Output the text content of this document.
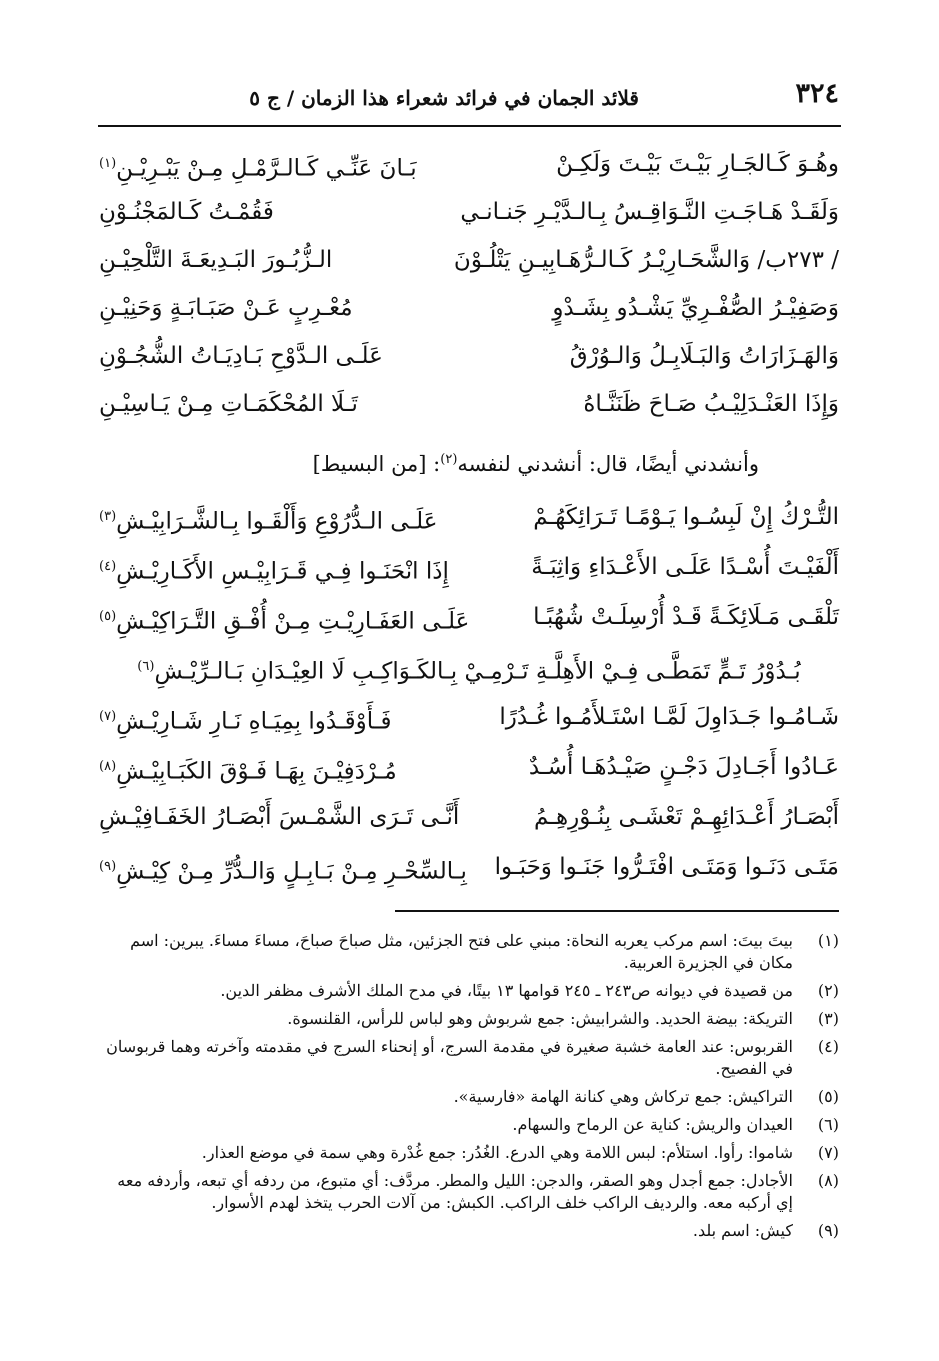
٣٢٤
قلائد الجمان في فرائد شعراء هذا الزمان / ج ٥
وهُـوَ كَـالجَـارِ بَيْـتَ بَيْـتَ وَلَكِـنْ
بَـانَ عَنِّـي كَـالـرَّمْـلِ مِـنْ يَبْـرِيْـنِ$^{(١)}$
وَلَقَـدْ هَـاجَـتِ النَّـوَاقِـسُ بِـالـدَّيْـرِ جَنـانـي
فَقُمْـتُ كَـالمَجْنُـوْنِ
/ ٢٧٣ب/ وَالشَّحَـارِيْـرُ كَـالـرُّهَـابِيـنِ يَتْلُـوْنَ
الـزُّبُـورَ البَـدِيعَـةَ التَّلْحِيْـنِ
وَصَفِيْـرُ الصُّفْـرِيِّ يَشْـدُو بِشَـدْوٍ
مُعْـرِبٍ عَـنْ صَبَـابَـةٍ وَحَنِيْـنِ
وَالهَـزَارَاتُ وَالبَـلَابِـلُ وَالـوُرْقُ
عَلَـى الـدَّوْحِ بَـادِيَـاتُ الشُّجُـوْنِ
وَإِذَا العَنْـدَلِيْـبُ صَـاحَ ظَنَنَّـاهُ
تَـلَا المُحْكَمَـاتِ مِـنْ يَـاسِيْـنِ
وأنشدني أيضًا، قال: أنشدني لنفسه$^{(٢)}$: [من البسيط]
التُّـرْكُ إِنْ لَبِسُـوا يَـوْمًـا تَـرَائِكَهُـمْ
عَلَـى الـدُّرُوْعِ وَأَلْقَـوا بِـالشَّـرَابِيْـشِ$^{(٣)}$
أَلْفَيْـتَ أُسْـدًا عَلَـى الأَعْـدَاءِ وَاثِبَـةً
إِذَا انْحَنَـوا فِـي قَـرَابِيْـسِ الأَكَـارِيْـشِ$^{(٤)}$
تَلْقَـى مَـلَائِكَـةً قَـدْ أُرْسِلَـتْ شُهُبًـا
عَلَـى العَفَـارِيْـتِ مِـنْ أُفْـقِ التَّـرَاكِيْـشِ$^{(٥)}$
بُـدُوْرُ تَـمٍّ تَمَطَّـى فِـيْ الأَهِلَّـةِ تَـرْمِـيْ بِـالكَـوَاكِـبِ لَا العِيْـدَانِ بَـالـرِّيْـشِ$^{(٦)}$
شَـامُـوا جَـدَاوِلَ لَمَّـا اسْتَـلأَمُـوا غُـدُرًا
فَـأَوْقَـدُوا بِمِيَـاهِ نَـارِ شَـارِيْـشِ$^{(٧)}$
عَـادُوا أَجَـادِلَ دَجْـنٍ صَيْـدُهَـا أُسُـدٌ
مُـرْدَفِيْـنَ بِهَـا فَـوْقَ الكَبَـابِيْـشِ$^{(٨)}$
أَبْصَـارُ أَعْـدَائِهِـمْ تَعْشَـى بِنُـوْرِهِـمُ
أَنَّـى تَـرَى الشَّمْـسَ أَبْصَـارُ الخَفَـافِيْـشِ
مَتَـى دَنَـوا وَمَتَـى افْتَـرُّوا جَنَـوا وَحَبَـوا
بِـالسِّحْـرِ مِـنْ بَـابِـلٍ وَالـدُّرِّ مِـنْ كِيْـشِ$^{(٩)}$
(١)
بيتَ بيتَ: اسم مركب يعربه النحاة: مبني على فتح الجزئين، مثل صباحَ صباحَ، مساءَ مساءَ. يبرين: اسم مكان في الجزيرة العربية.
(٢)
من قصيدة في ديوانه ص٢٤٣ ـ ٢٤٥ قوامها ١٣ بيتًا، في مدح الملك الأشرف مظفر الدين.
(٣)
التريكة: بيضة الحديد. والشرابيش: جمع شربوش وهو لباس للرأس، القلنسوة.
(٤)
القربوس: عند العامة خشبة صغيرة في مقدمة السرج، أو إنحناء السرج في مقدمته وآخرته وهما قربوسان في الفصيح.
(٥)
التراكيش: جمع تركاش وهي كنانة الهامة «فارسية».
(٦)
العيدان والريش: كناية عن الرماح والسهام.
(٧)
شاموا: رأوا. استلأم: لبس اللامة وهي الدرع. الغُدُر: جمع غُدْرة وهي سمة في موضع العذار.
(٨)
الأجادل: جمع أجدل وهو الصقر، والدجن: الليل والمطر. مردَّف: أي متبوع، من ردفه أي تبعه، وأردفه معه إي أركبه معه. والرديف الراكب خلف الراكب. الكبش: من آلات الحرب يتخذ لهدم الأسوار.
(٩)
كيش: اسم بلد.
